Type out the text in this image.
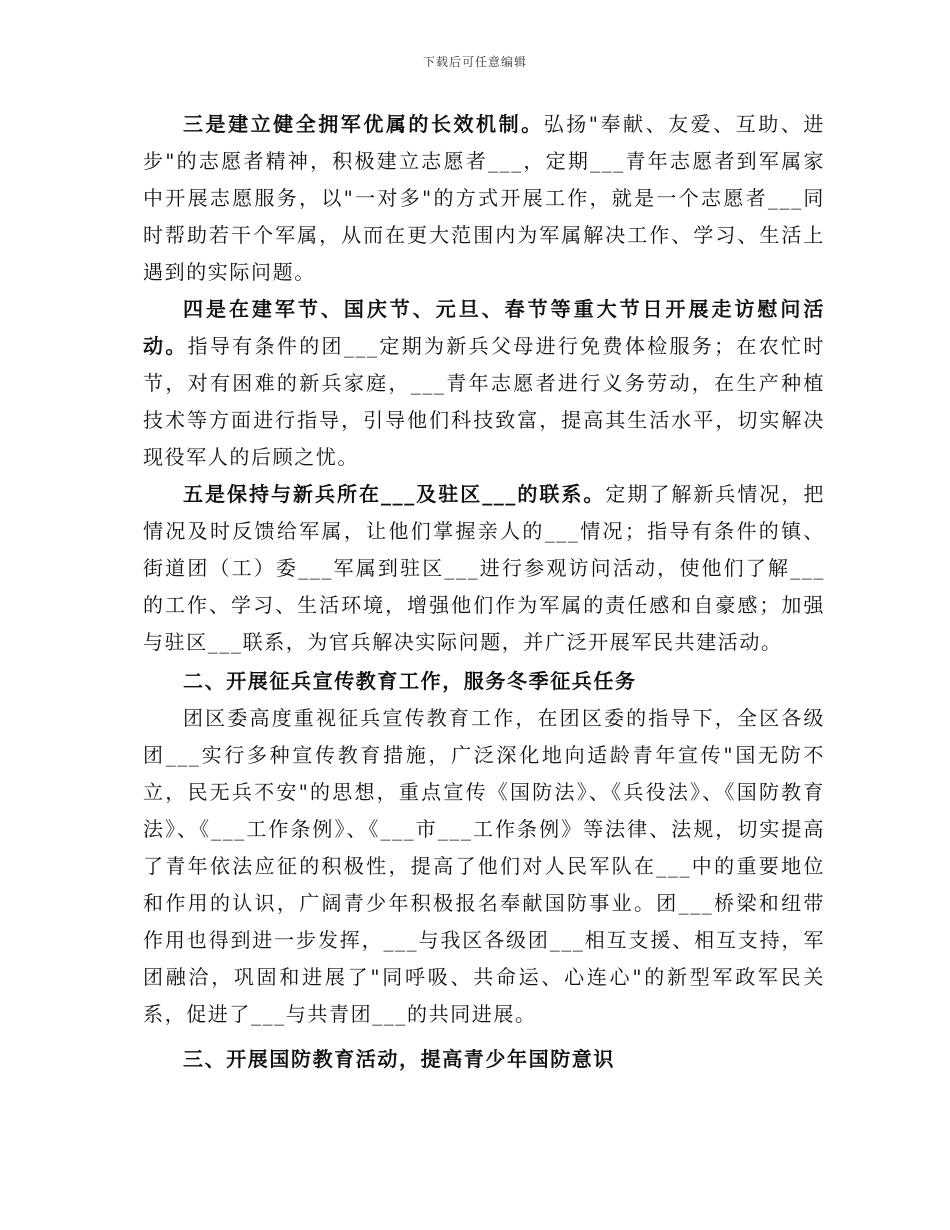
下载后可任意编辑

三是建立健全拥军优属的长效机制。弘扬"奉献、友爱、互助、进步"的志愿者精神，积极建立志愿者___，定期___青年志愿者到军属家中开展志愿服务，以"一对多"的方式开展工作，就是一个志愿者___同时帮助若干个军属，从而在更大范围内为军属解决工作、学习、生活上遇到的实际问题。

四是在建军节、国庆节、元旦、春节等重大节日开展走访慰问活动。指导有条件的团___定期为新兵父母进行免费体检服务；在农忙时节，对有困难的新兵家庭，___青年志愿者进行义务劳动，在生产种植技术等方面进行指导，引导他们科技致富，提高其生活水平，切实解决现役军人的后顾之忧。

五是保持与新兵所在___及驻区___的联系。定期了解新兵情况，把情况及时反馈给军属，让他们掌握亲人的___情况；指导有条件的镇、街道团（工）委___军属到驻区___进行参观访问活动，使他们了解___的工作、学习、生活环境，增强他们作为军属的责任感和自豪感；加强与驻区___联系，为官兵解决实际问题，并广泛开展军民共建活动。

二、开展征兵宣传教育工作，服务冬季征兵任务

团区委高度重视征兵宣传教育工作，在团区委的指导下，全区各级团___实行多种宣传教育措施，广泛深化地向适龄青年宣传"国无防不立，民无兵不安"的思想，重点宣传《国防法》、《兵役法》、《国防教育法》、《___工作条例》、《___市___工作条例》等法律、法规，切实提高了青年依法应征的积极性，提高了他们对人民军队在___中的重要地位和作用的认识，广阔青少年积极报名奉献国防事业。团___桥梁和纽带作用也得到进一步发挥，___与我区各级团___相互支援、相互支持，军团融洽，巩固和进展了"同呼吸、共命运、心连心"的新型军政军民关系，促进了___与共青团___的共同进展。

三、开展国防教育活动，提高青少年国防意识
